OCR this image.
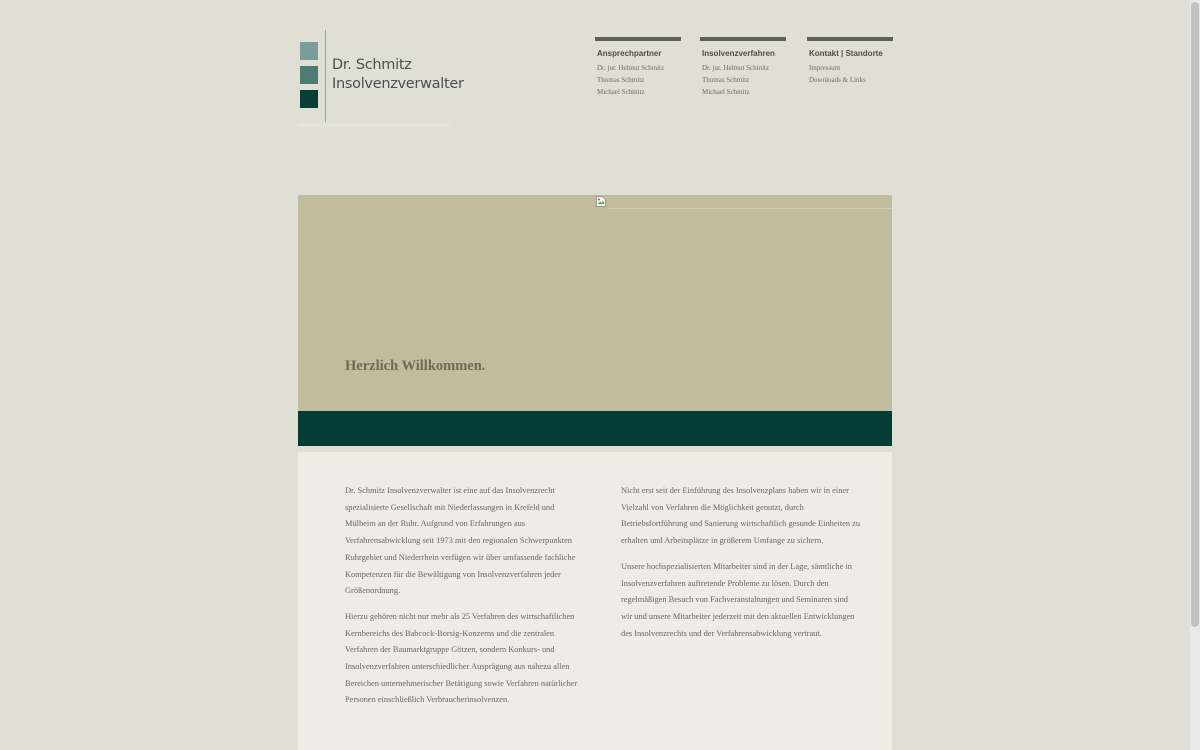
Dr. Schmitz
Insolvenzverwalter
Ansprechpartner
Dr. jur. Helmut Schmitz
Thomas Schmitz
Michael Schmitz
Insolvenzverfahren
Dr. jur. Helmut Schmitz
Thomas Schmitz
Michael Schmitz
Kontakt | Standorte
Impressum
Downloads & Links
Herzlich Willkommen.

Dr. Schmitz Insolvenzverwalter ist eine auf das Insolvenzrecht spezialisierte Gesellschaft mit Niederlassungen in Krefeld und Mülheim an der Ruhr. Aufgrund von Erfahrungen aus Verfahrensabwicklung seit 1973 mit den regionalen Schwerpunkten Ruhrgebiet und Niederrhein verfügen wir über umfassende fachliche Kompetenzen für die Bewältigung von Insolvenzverfahren jeder Größenordnung.

Hierzu gehören nicht nur mehr als 25 Verfahren des wirtschaftlichen Kernbereichs des Babcock-Borsig-Konzerns und die zentralen Verfahren der Baumarktgruppe Götzen, sondern Konkurs- und Insolvenzverfahren unterschiedlicher Ausprägung aus nahezu allen Bereichen unternehmerischer Betätigung sowie Verfahren natürlicher Personen einschließlich Verbraucherinsolvenzen.

Nicht erst seit der Einführung des Insolvenzplans haben wir in einer Vielzahl von Verfahren die Möglichkeit genutzt, durch Betriebsfortführung und Sanierung wirtschaftlich gesunde Einheiten zu erhalten und Arbeitsplätze in größerem Umfange zu sichern.

Unsere hochspezialisierten Mitarbeiter sind in der Lage, sämtliche in Insolvenzverfahren auftretende Probleme zu lösen. Durch den regelmäßigen Besuch von Fachveranstaltungen und Seminaren sind wir und unsere Mitarbeiter jederzeit mit den aktuellen Entwicklungen des Insolvenzrechts und der Verfahrensabwicklung vertraut.
